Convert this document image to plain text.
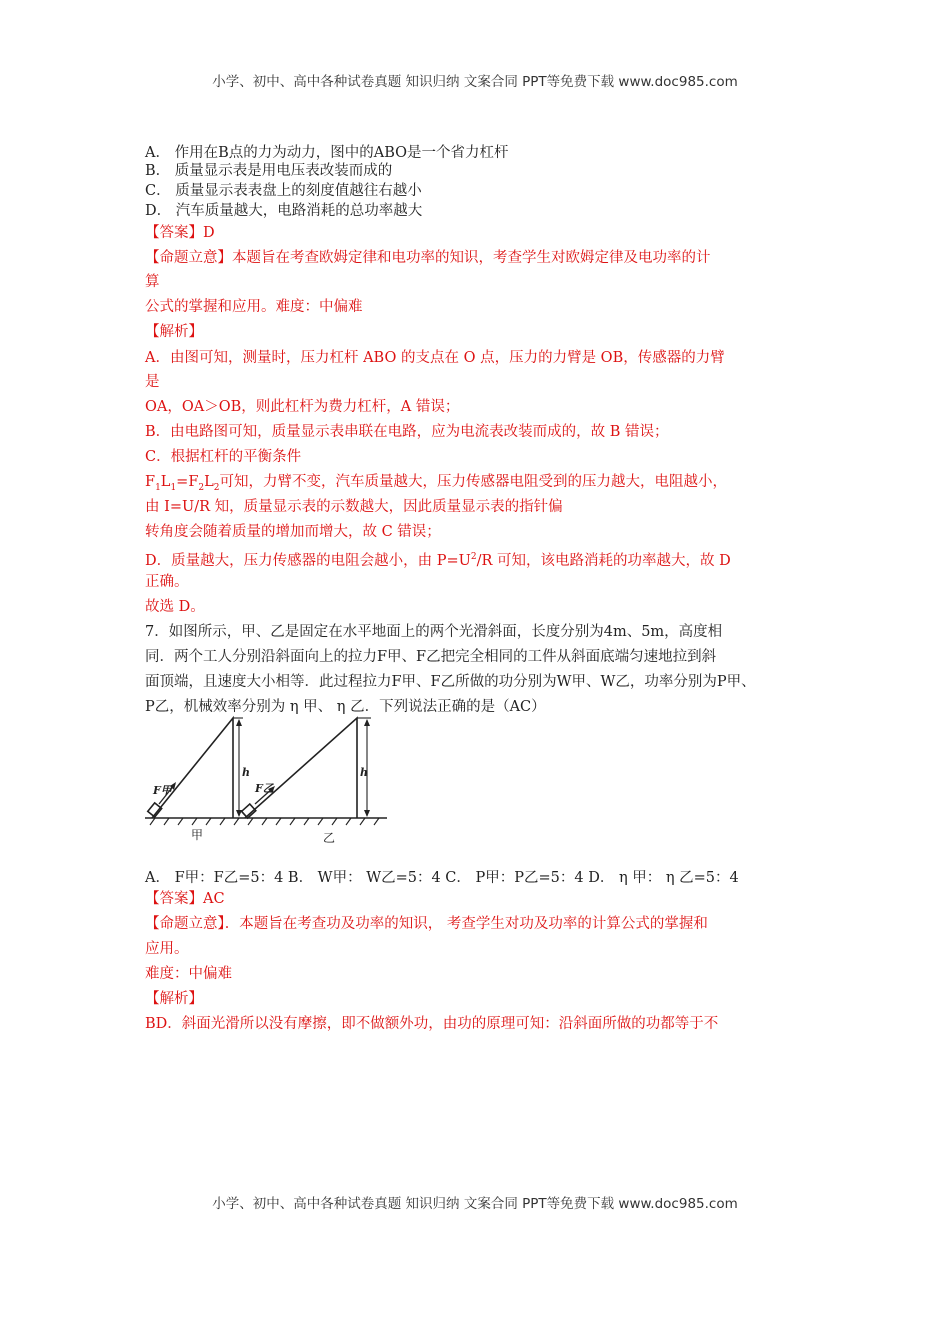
小学、初中、高中各种试卷真题 知识归纳 文案合同 PPT等免费下载 www.doc985.com
A． 作用在B点的力为动力，图中的ABO是一个省力杠杆
B． 质量显示表是用电压表改装而成的
C． 质量显示表表盘上的刻度值越往右越小
D． 汽车质量越大，电路消耗的总功率越大
【答案】D
【命题立意】本题旨在考查欧姆定律和电功率的知识，考查学生对欧姆定律及电功率的计
算
公式的掌握和应用。难度：中偏难
【解析】
A．由图可知，测量时，压力杠杆 ABO 的支点在 O 点，压力的力臂是 OB，传感器的力臂
是
OA，OA＞OB，则此杠杆为费力杠杆，A 错误；
B．由电路图可知，质量显示表串联在电路，应为电流表改装而成的，故 B 错误；
C．根据杠杆的平衡条件
$F_1L_1=F_2L_2$可知，力臂不变，汽车质量越大，压力传感器电阻受到的压力越大，电阻越小，
由 I=U/R 知，质量显示表的示数越大，因此质量显示表的指针偏
转角度会随着质量的增加而增大，故 C 错误；
D．质量越大，压力传感器的电阻会越小，由 $P=U^2/R$ 可知，该电路消耗的功率越大，故 D
正确。
故选 D。
7．如图所示，甲、乙是固定在水平地面上的两个光滑斜面，长度分别为4m、5m，高度相
同．两个工人分别沿斜面向上的拉力F甲、F乙把完全相同的工件从斜面底端匀速地拉到斜
面顶端，且速度大小相等．此过程拉力F甲、F乙所做的功分别为W甲、W乙，功率分别为P甲、
P乙，机械效率分别为 η 甲、 η 乙．下列说法正确的是（AC）
F甲	F乙
h	h
甲	乙
A． F甲：F乙=5：4 B． W甲： W乙=5：4 C． P甲：P乙=5：4 D． η 甲： η 乙=5：4
【答案】AC
【命题立意】．本题旨在考查功及功率的知识， 考查学生对功及功率的计算公式的掌握和
应用。
难度：中偏难
【解析】
BD．斜面光滑所以没有摩擦，即不做额外功，由功的原理可知：沿斜面所做的功都等于不
小学、初中、高中各种试卷真题 知识归纳 文案合同 PPT等免费下载 www.doc985.com
